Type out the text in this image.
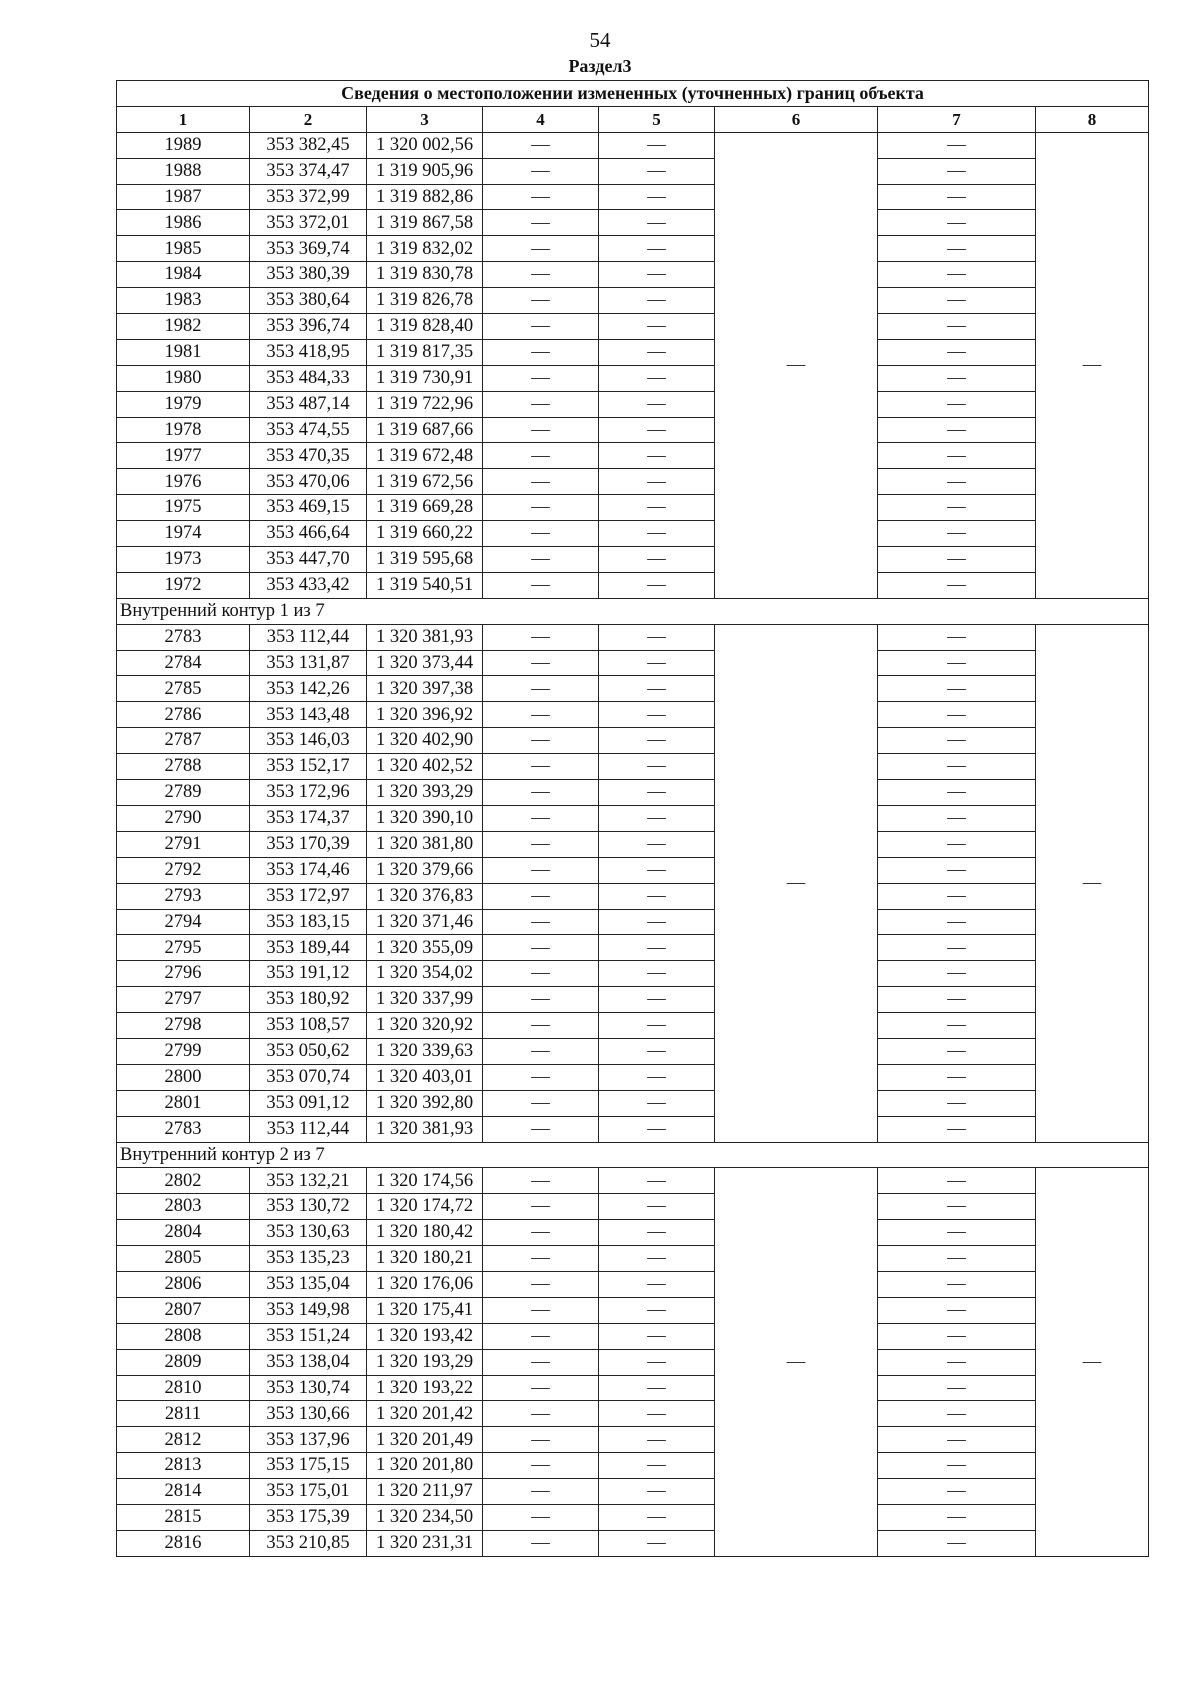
54
Раздел3
Сведения о местоположении измененных (уточненных) границ объекта							
1	2	3	4	5	6	7	8
1989	353 382,45	1 320 002,56	—	—	—	—	—
1988	353 374,47	1 319 905,96	—	—		—	
1987	353 372,99	1 319 882,86	—	—		—	
1986	353 372,01	1 319 867,58	—	—		—	
1985	353 369,74	1 319 832,02	—	—		—	
1984	353 380,39	1 319 830,78	—	—		—	
1983	353 380,64	1 319 826,78	—	—		—	
1982	353 396,74	1 319 828,40	—	—		—	
1981	353 418,95	1 319 817,35	—	—		—	
1980	353 484,33	1 319 730,91	—	—		—	
1979	353 487,14	1 319 722,96	—	—		—	
1978	353 474,55	1 319 687,66	—	—		—	
1977	353 470,35	1 319 672,48	—	—		—	
1976	353 470,06	1 319 672,56	—	—		—	
1975	353 469,15	1 319 669,28	—	—		—	
1974	353 466,64	1 319 660,22	—	—		—	
1973	353 447,70	1 319 595,68	—	—		—	
1972	353 433,42	1 319 540,51	—	—		—	
Внутренний контур 1 из 7							
2783	353 112,44	1 320 381,93	—	—	—	—	—
2784	353 131,87	1 320 373,44	—	—		—	
2785	353 142,26	1 320 397,38	—	—		—	
2786	353 143,48	1 320 396,92	—	—		—	
2787	353 146,03	1 320 402,90	—	—		—	
2788	353 152,17	1 320 402,52	—	—		—	
2789	353 172,96	1 320 393,29	—	—		—	
2790	353 174,37	1 320 390,10	—	—		—	
2791	353 170,39	1 320 381,80	—	—		—	
2792	353 174,46	1 320 379,66	—	—		—	
2793	353 172,97	1 320 376,83	—	—		—	
2794	353 183,15	1 320 371,46	—	—		—	
2795	353 189,44	1 320 355,09	—	—		—	
2796	353 191,12	1 320 354,02	—	—		—	
2797	353 180,92	1 320 337,99	—	—		—	
2798	353 108,57	1 320 320,92	—	—		—	
2799	353 050,62	1 320 339,63	—	—		—	
2800	353 070,74	1 320 403,01	—	—		—	
2801	353 091,12	1 320 392,80	—	—		—	
2783	353 112,44	1 320 381,93	—	—		—	
Внутренний контур 2 из 7							
2802	353 132,21	1 320 174,56	—	—	—	—	—
2803	353 130,72	1 320 174,72	—	—		—	
2804	353 130,63	1 320 180,42	—	—		—	
2805	353 135,23	1 320 180,21	—	—		—	
2806	353 135,04	1 320 176,06	—	—		—	
2807	353 149,98	1 320 175,41	—	—		—	
2808	353 151,24	1 320 193,42	—	—		—	
2809	353 138,04	1 320 193,29	—	—		—	
2810	353 130,74	1 320 193,22	—	—		—	
2811	353 130,66	1 320 201,42	—	—		—	
2812	353 137,96	1 320 201,49	—	—		—	
2813	353 175,15	1 320 201,80	—	—		—	
2814	353 175,01	1 320 211,97	—	—		—	
2815	353 175,39	1 320 234,50	—	—		—	
2816	353 210,85	1 320 231,31	—	—		—	
